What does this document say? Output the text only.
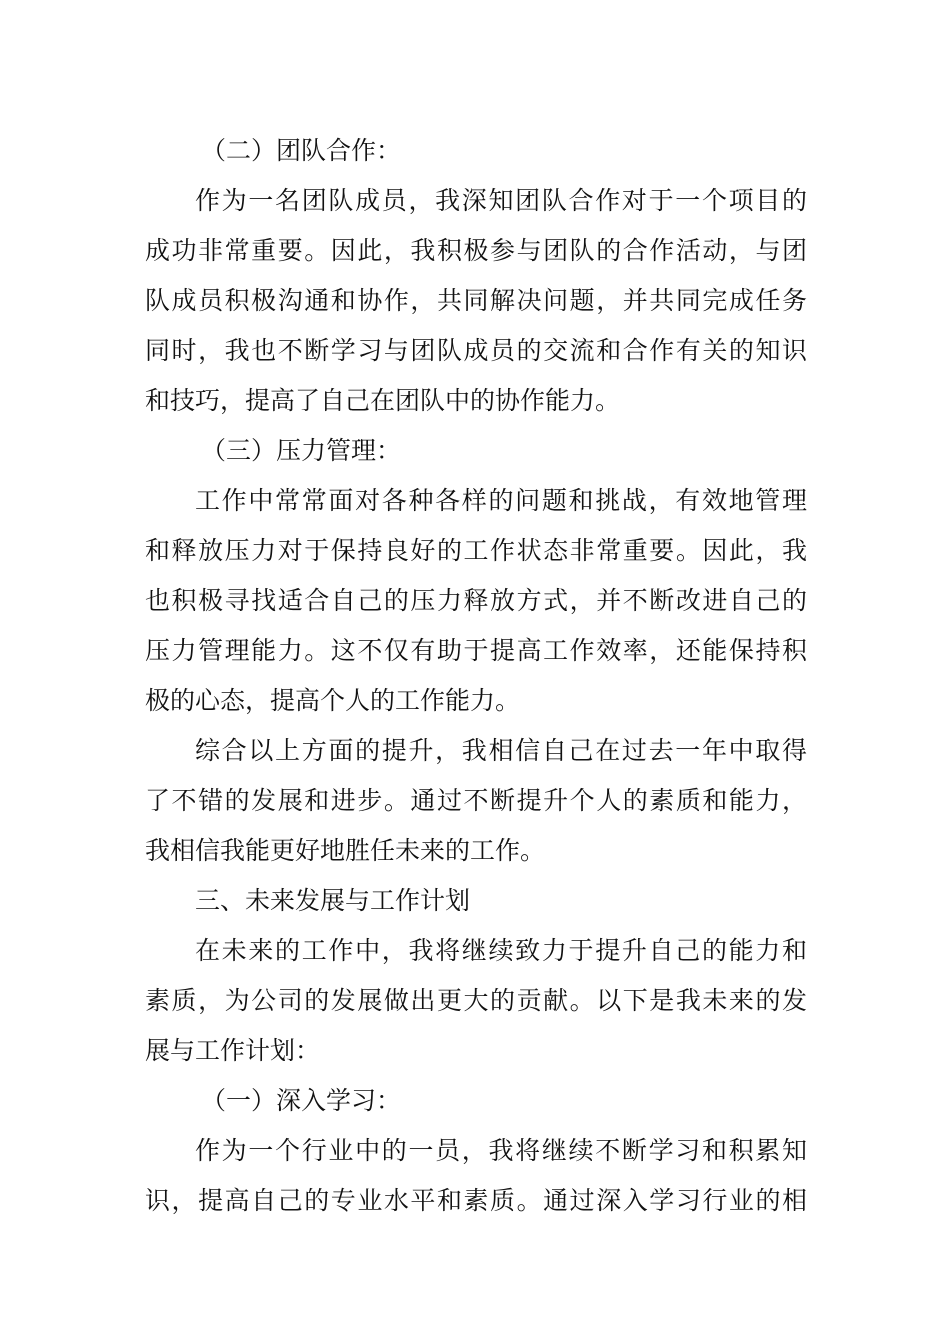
（二）团队合作：
作为一名团队成员，我深知团队合作对于一个项目的
成功非常重要。因此，我积极参与团队的合作活动，与团
队成员积极沟通和协作，共同解决问题，并共同完成任务
同时，我也不断学习与团队成员的交流和合作有关的知识
和技巧，提高了自己在团队中的协作能力。
（三）压力管理：
工作中常常面对各种各样的问题和挑战，有效地管理
和释放压力对于保持良好的工作状态非常重要。因此，我
也积极寻找适合自己的压力释放方式，并不断改进自己的
压力管理能力。这不仅有助于提高工作效率，还能保持积
极的心态，提高个人的工作能力。
综合以上方面的提升，我相信自己在过去一年中取得
了不错的发展和进步。通过不断提升个人的素质和能力，
我相信我能更好地胜任未来的工作。
三、未来发展与工作计划
在未来的工作中，我将继续致力于提升自己的能力和
素质，为公司的发展做出更大的贡献。以下是我未来的发
展与工作计划：
（一）深入学习：
作为一个行业中的一员，我将继续不断学习和积累知
识，提高自己的专业水平和素质。通过深入学习行业的相
